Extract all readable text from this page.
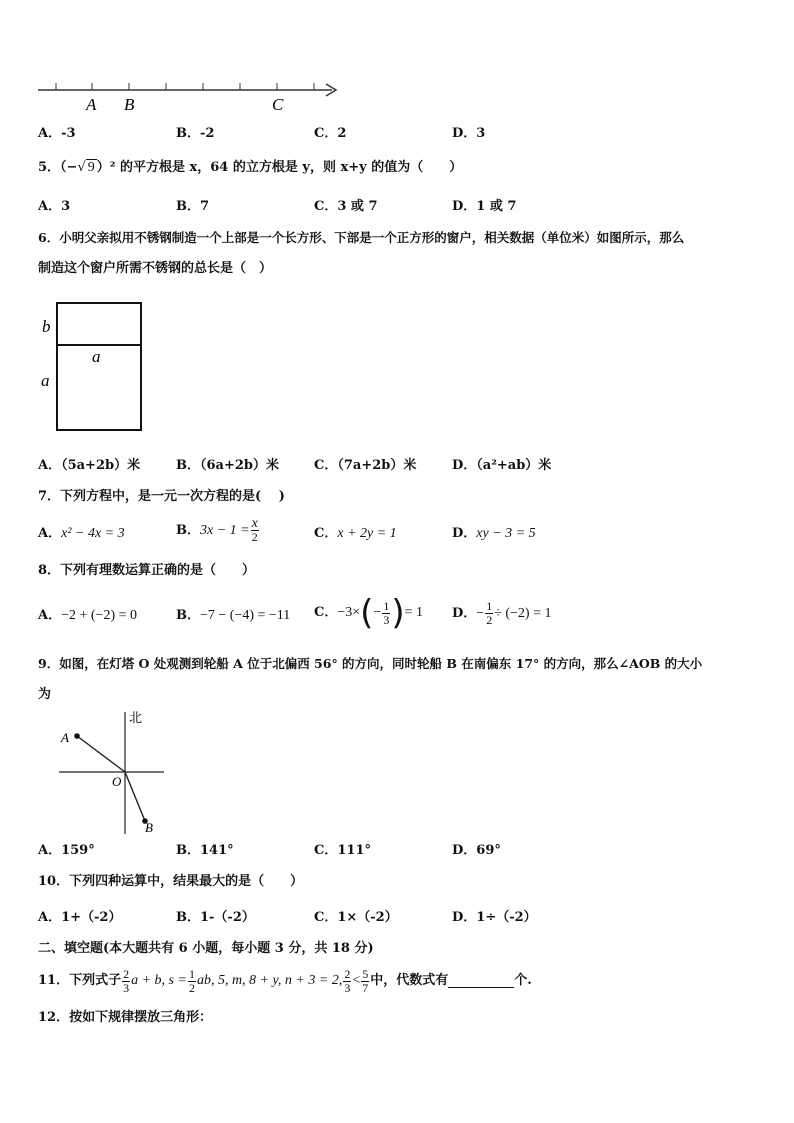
A B	C
A．-3	B．-2	C．2	D．3
5．（−√ 9 ）² 的平方根是 x，64 的立方根是 y，则 x+y 的值为（　　）
A．3	B．7	C．3 或 7	D．1 或 7
6．小明父亲拟用不锈钢制造一个上部是一个长方形、下部是一个正方形的窗户，相关数据（单位米）如图所示，那么
制造这个窗户所需不锈钢的总长是（　）
b
a
a
A．（5a+2b）米	B．（6a+2b）米	C．（7a+2b）米	D．（a²+ab）米
7．下列方程中，是一元一次方程的是(　 )
A．x² − 4x = 3	B． $3x - 1 = \frac{x}{2}$	C．x + 2y = 1	D．xy − 3 = 5
8．下列有理数运算正确的是（　　）
A．−2 + (−2) = 0	B．−7 − (−4) = −11 C． −3× ( − $\frac{1}{3}$ ) = 1 D． − $\frac{1}{2} \div (-2) = 1$
9．如图，在灯塔 O 处观测到轮船 A 位于北偏西 56° 的方向，同时轮船 B 在南偏东 17° 的方向，那么∠AOB 的大小
为
北
A
O
B
A．159°	B．141°	C．111°	D．69°
10．下列四种运算中，结果最大的是（　　）
A．1+（-2）	B．1-（-2）	C．1×（-2）	D．1÷（-2）
二、填空题(本大题共有 6 小题，每小题 3 分，共 18 分)
11．下列式子 $\frac{2}{3}$ a + b, $s = \frac{1}{2}$ ab, 5, m, 8 + y, n + 3 = 2, $\frac{2}{3} < \frac{5}{7}$ 中，代数式有	个.
12．按如下规律摆放三角形：
